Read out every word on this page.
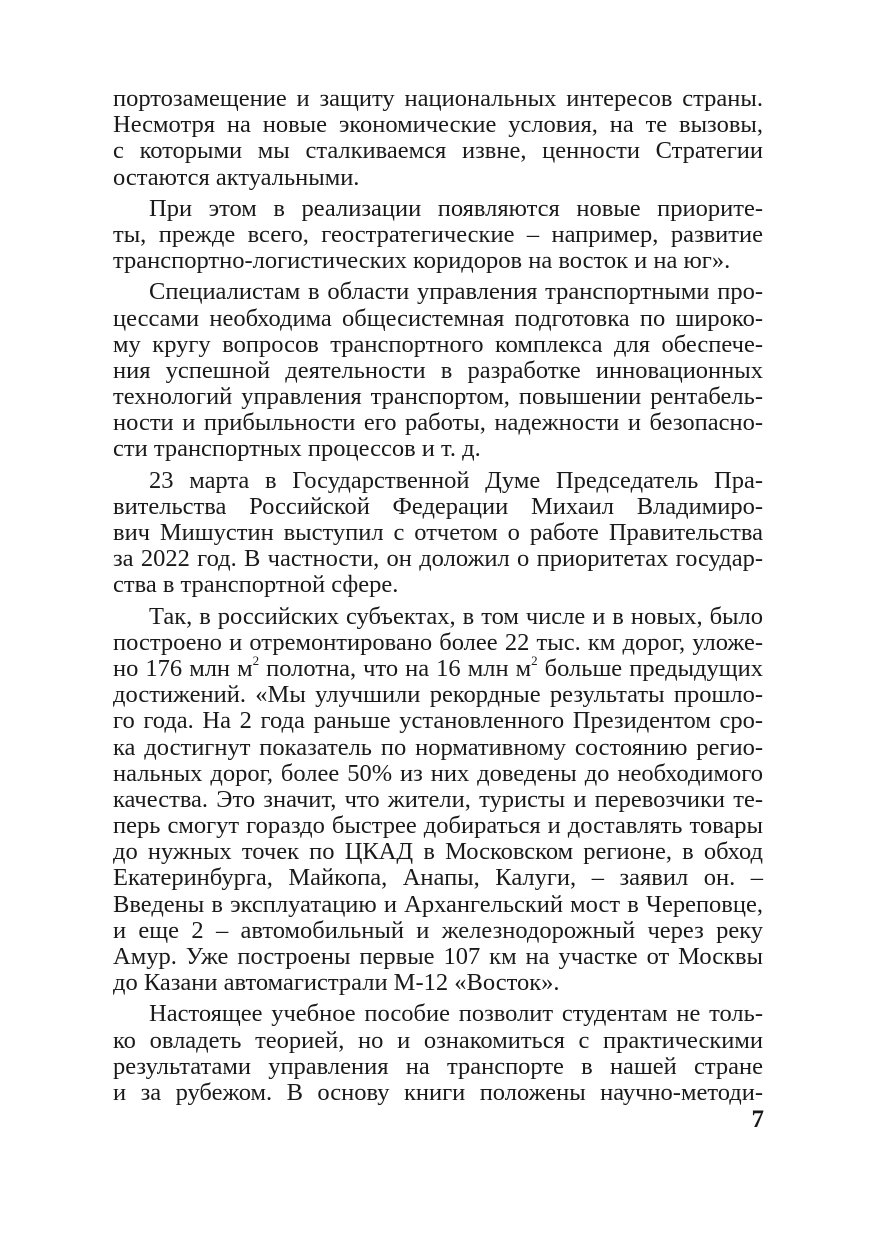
портозамещение и защиту национальных интересов страны.
Несмотря на новые экономические условия, на те вызовы,
с которыми мы сталкиваемся извне, ценности Стратегии
остаются актуальными.
При этом в реализации появляются новые приорите-
ты, прежде всего, геостратегические – например, развитие
транспортно-логистических коридоров на восток и на юг».
Специалистам в области управления транспортными про-
цессами необходима общесистемная подготовка по широко-
му кругу вопросов транспортного комплекса для обеспече-
ния успешной деятельности в разработке инновационных
технологий управления транспортом, повышении рентабель-
ности и прибыльности его работы, надежности и безопасно-
сти транспортных процессов и т. д.
23 марта в Государственной Думе Председатель Пра-
вительства Российской Федерации Михаил Владимиро-
вич Мишустин выступил с отчетом о работе Правительства
за 2022 год. В частности, он доложил о приоритетах государ-
ства в транспортной сфере.
Так, в российских субъектах, в том числе и в новых, было
построено и отремонтировано более 22 тыс. км дорог, уложе-
но 176 млн $м^2$ полотна, что на 16 млн $м^2$ больше предыдущих
достижений. «Мы улучшили рекордные результаты прошло-
го года. На 2 года раньше установленного Президентом сро-
ка достигнут показатель по нормативному состоянию регио-
нальных дорог, более 50% из них доведены до необходимого
качества. Это значит, что жители, туристы и перевозчики те-
перь смогут гораздо быстрее добираться и доставлять товары
до нужных точек по ЦКАД в Московском регионе, в обход
Екатеринбурга, Майкопа, Анапы, Калуги, – заявил он. –
Введены в эксплуатацию и Архангельский мост в Череповце,
и еще 2 – автомобильный и железнодорожный через реку
Амур. Уже построены первые 107 км на участке от Москвы
до Казани автомагистрали М-12 «Восток».
Настоящее учебное пособие позволит студентам не толь-
ко овладеть теорией, но и ознакомиться с практическими
результатами управления на транспорте в нашей стране
и за рубежом. В основу книги положены научно-методи-
7
